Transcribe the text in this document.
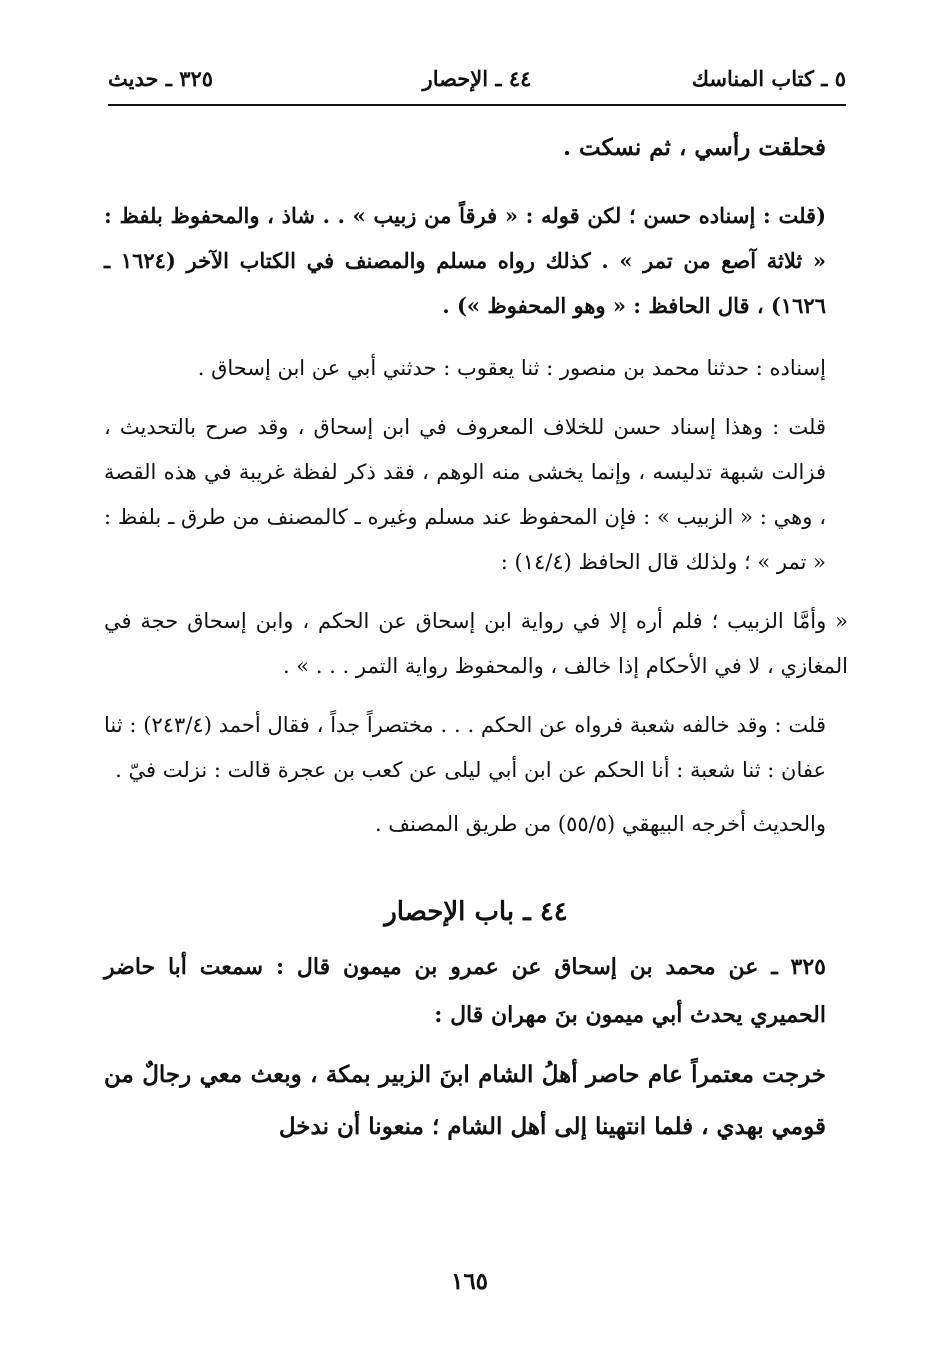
٥ ـ كتاب المناسك
٤٤ ـ الإحصار
٣٢٥ ـ حديث

فحلقت رأسي ، ثم نسكت .

(قلت : إسناده حسن ؛ لكن قوله : « فرقاً من زبيب » . . شاذ ، والمحفوظ بلفظ : « ثلاثة آصع من تمر » . كذلك رواه مسلم والمصنف في الكتاب الآخر (١٦٢٤ ـ ١٦٢٦) ، قال الحافظ : « وهو المحفوظ ») .

إسناده : حدثنا محمد بن منصور : ثنا يعقوب : حدثني أبي عن ابن إسحاق .

قلت : وهذا إسناد حسن للخلاف المعروف في ابن إسحاق ، وقد صرح بالتحديث ، فزالت شبهة تدليسه ، وإنما يخشى منه الوهم ، فقد ذكر لفظة غريبة في هذه القصة ، وهي : « الزبيب » : فإن المحفوظ عند مسلم وغيره ـ كالمصنف من طرق ـ بلفظ : « تمر » ؛ ولذلك قال الحافظ (١٤/٤) :

« وأمَّا الزبيب ؛ فلم أره إلا في رواية ابن إسحاق عن الحكم ، وابن إسحاق حجة في المغازي ، لا في الأحكام إذا خالف ، والمحفوظ رواية التمر . . . » .

قلت : وقد خالفه شعبة فرواه عن الحكم . . . مختصراً جداً ، فقال أحمد (٢٤٣/٤) : ثنا عفان : ثنا شعبة : أنا الحكم عن ابن أبي ليلى عن كعب بن عجرة قالت : نزلت فيّ .

والحديث أخرجه البيهقي (٥٥/٥) من طريق المصنف .

٤٤ ـ باب الإحصار

٣٢٥ ـ عن محمد بن إسحاق عن عمرو بن ميمون قال : سمعت أبا حاضر الحميري يحدث أبي ميمون بنَ مهران قال :

خرجت معتمراً عام حاصر أهلُ الشام ابنَ الزبير بمكة ، وبعث معي رجالٌ من قومي بهدي ، فلما انتهينا إلى أهل الشام ؛ منعونا أن ندخل

١٦٥
